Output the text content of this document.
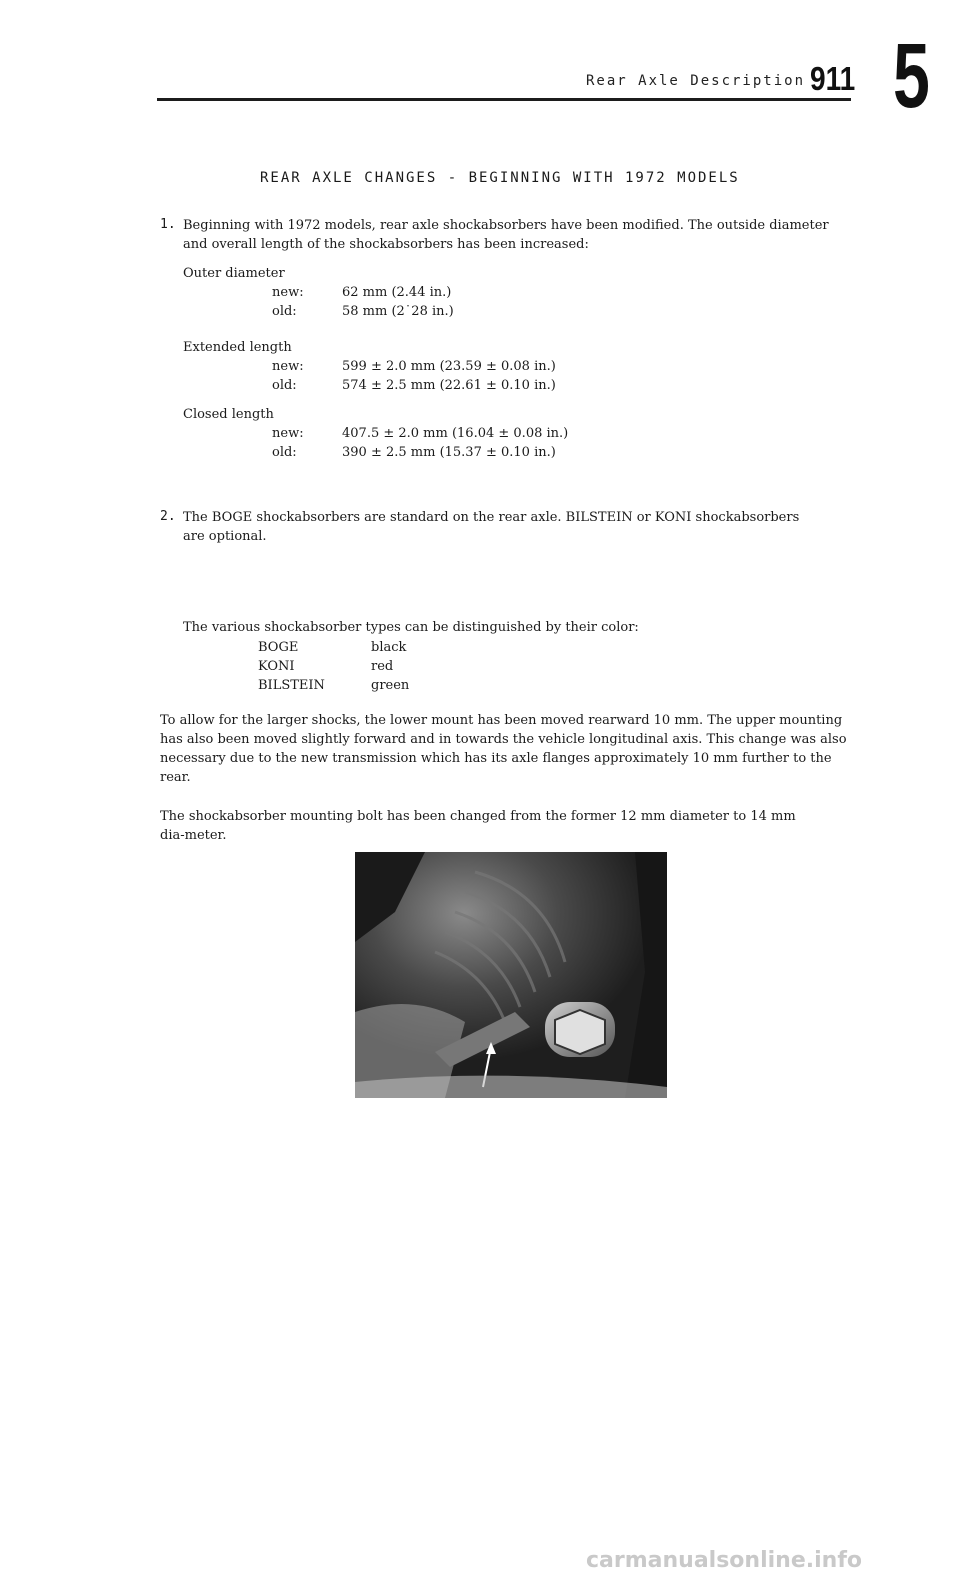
Rear Axle Description 911 5
REAR AXLE CHANGES - BEGINNING WITH 1972 MODELS
1. Beginning with 1972 models, rear axle shockabsorbers have been modified. The outside diameter and overall length of the shockabsorbers has been increased:
Outer diameter
new:	62 mm (2.44 in.)
old:	58 mm (2˙28 in.)
Extended length
new:	599 ± 2.0 mm (23.59 ± 0.08 in.)
old:	574 ± 2.5 mm (22.61 ± 0.10 in.)
Closed length
new:	407.5 ± 2.0 mm (16.04 ± 0.08 in.)
old:	390 ± 2.5 mm (15.37 ± 0.10 in.)
2. The BOGE shockabsorbers are standard on the rear axle. BILSTEIN or KONI shockabsorbers are optional.
The various shockabsorber types can be distinguished by their color:
BOGE	black
KONI	red
BILSTEIN	green
To allow for the larger shocks, the lower mount has been moved rearward 10 mm. The upper mounting has also been moved slightly forward and in towards the vehicle longitudinal axis. This change was also necessary due to the new transmission which has its axle flanges approximately 10 mm further to the rear.
The shockabsorber mounting bolt has been changed from the former 12 mm diameter to 14 mm dia-meter.
carmanualsonline.info
